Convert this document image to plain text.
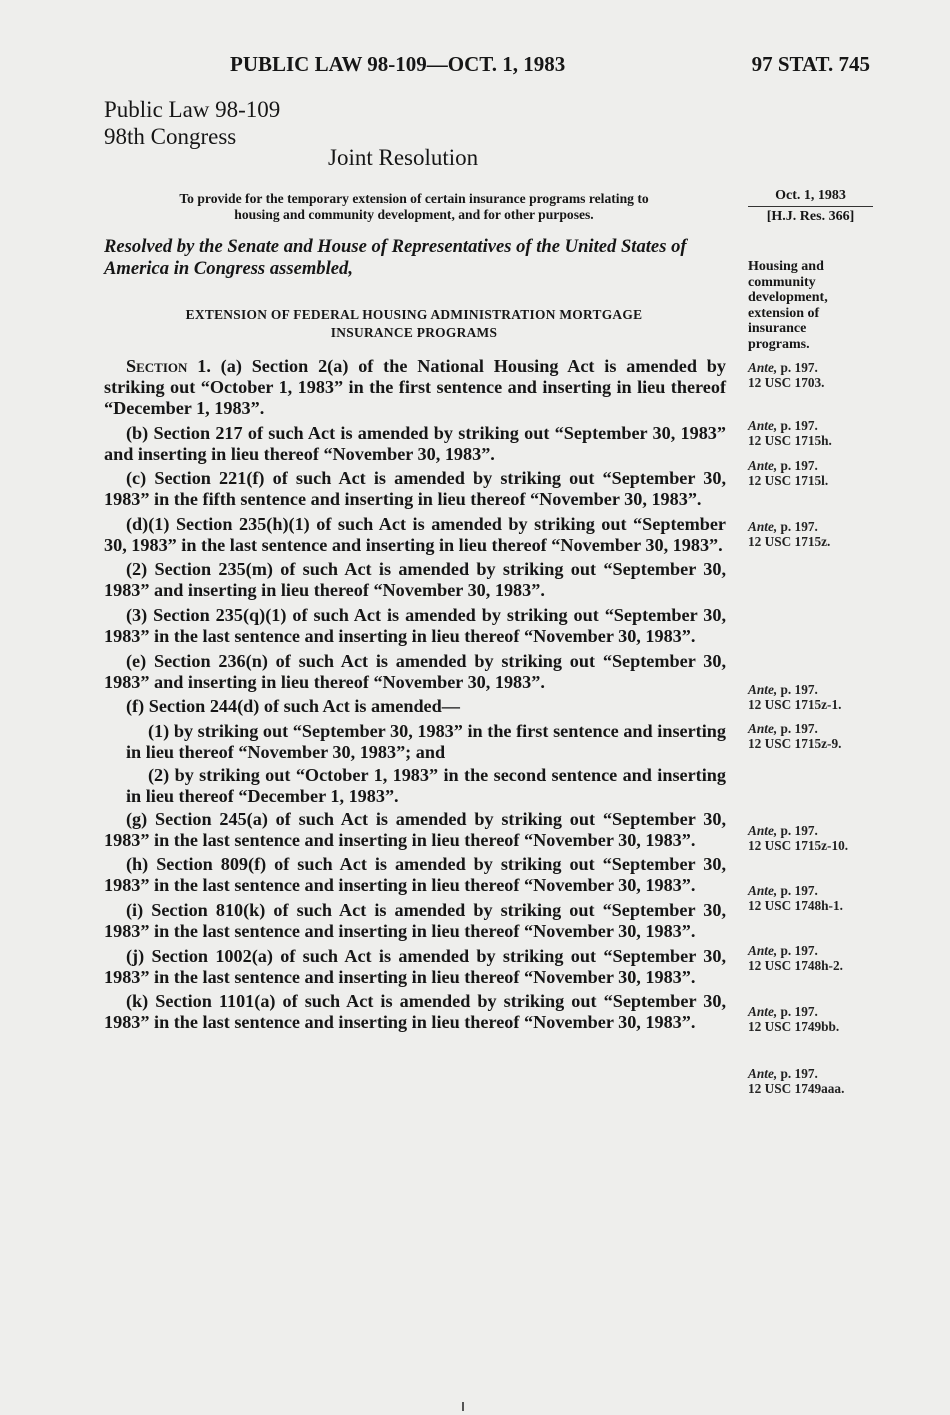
PUBLIC LAW 98-109—OCT. 1, 1983	97 STAT. 745
Public Law 98-109
98th Congress
Joint Resolution
To provide for the temporary extension of certain insurance programs relating to
housing and community development, and for other purposes.
Oct. 1, 1983
[H.J. Res. 366]
Housing and
community
development,
extension of
insurance
programs.
Resolved by the Senate and House of Representatives of the United States of America in Congress assembled,
EXTENSION OF FEDERAL HOUSING ADMINISTRATION MORTGAGE
INSURANCE PROGRAMS

Section 1. (a) Section 2(a) of the National Housing Act is amended by striking out “October 1, 1983” in the first sentence and inserting in lieu thereof “December 1, 1983”.

(b) Section 217 of such Act is amended by striking out “September 30, 1983” and inserting in lieu thereof “November 30, 1983”.

(c) Section 221(f) of such Act is amended by striking out “September 30, 1983” in the fifth sentence and inserting in lieu thereof “November 30, 1983”.

(d)(1) Section 235(h)(1) of such Act is amended by striking out “September 30, 1983” in the last sentence and inserting in lieu thereof “November 30, 1983”.

(2) Section 235(m) of such Act is amended by striking out “September 30, 1983” and inserting in lieu thereof “November 30, 1983”.

(3) Section 235(q)(1) of such Act is amended by striking out “September 30, 1983” in the last sentence and inserting in lieu thereof “November 30, 1983”.

(e) Section 236(n) of such Act is amended by striking out “September 30, 1983” and inserting in lieu thereof “November 30, 1983”.

(f) Section 244(d) of such Act is amended—

(1) by striking out “September 30, 1983” in the first sentence and inserting in lieu thereof “November 30, 1983”; and

(2) by striking out “October 1, 1983” in the second sentence and inserting in lieu thereof “December 1, 1983”.

(g) Section 245(a) of such Act is amended by striking out “September 30, 1983” in the last sentence and inserting in lieu thereof “November 30, 1983”.

(h) Section 809(f) of such Act is amended by striking out “September 30, 1983” in the last sentence and inserting in lieu thereof “November 30, 1983”.

(i) Section 810(k) of such Act is amended by striking out “September 30, 1983” in the last sentence and inserting in lieu thereof “November 30, 1983”.

(j) Section 1002(a) of such Act is amended by striking out “September 30, 1983” in the last sentence and inserting in lieu thereof “November 30, 1983”.

(k) Section 1101(a) of such Act is amended by striking out “September 30, 1983” in the last sentence and inserting in lieu thereof “November 30, 1983”.

Ante, p. 197.
12 USC 1703.
Ante, p. 197.
12 USC 1715h.
Ante, p. 197.
12 USC 1715l.
Ante, p. 197.
12 USC 1715z.
Ante, p. 197.
12 USC 1715z-1.
Ante, p. 197.
12 USC 1715z-9.
Ante, p. 197.
12 USC 1715z-10.
Ante, p. 197.
12 USC 1748h-1.
Ante, p. 197.
12 USC 1748h-2.
Ante, p. 197.
12 USC 1749bb.
Ante, p. 197.
12 USC 1749aaa.
